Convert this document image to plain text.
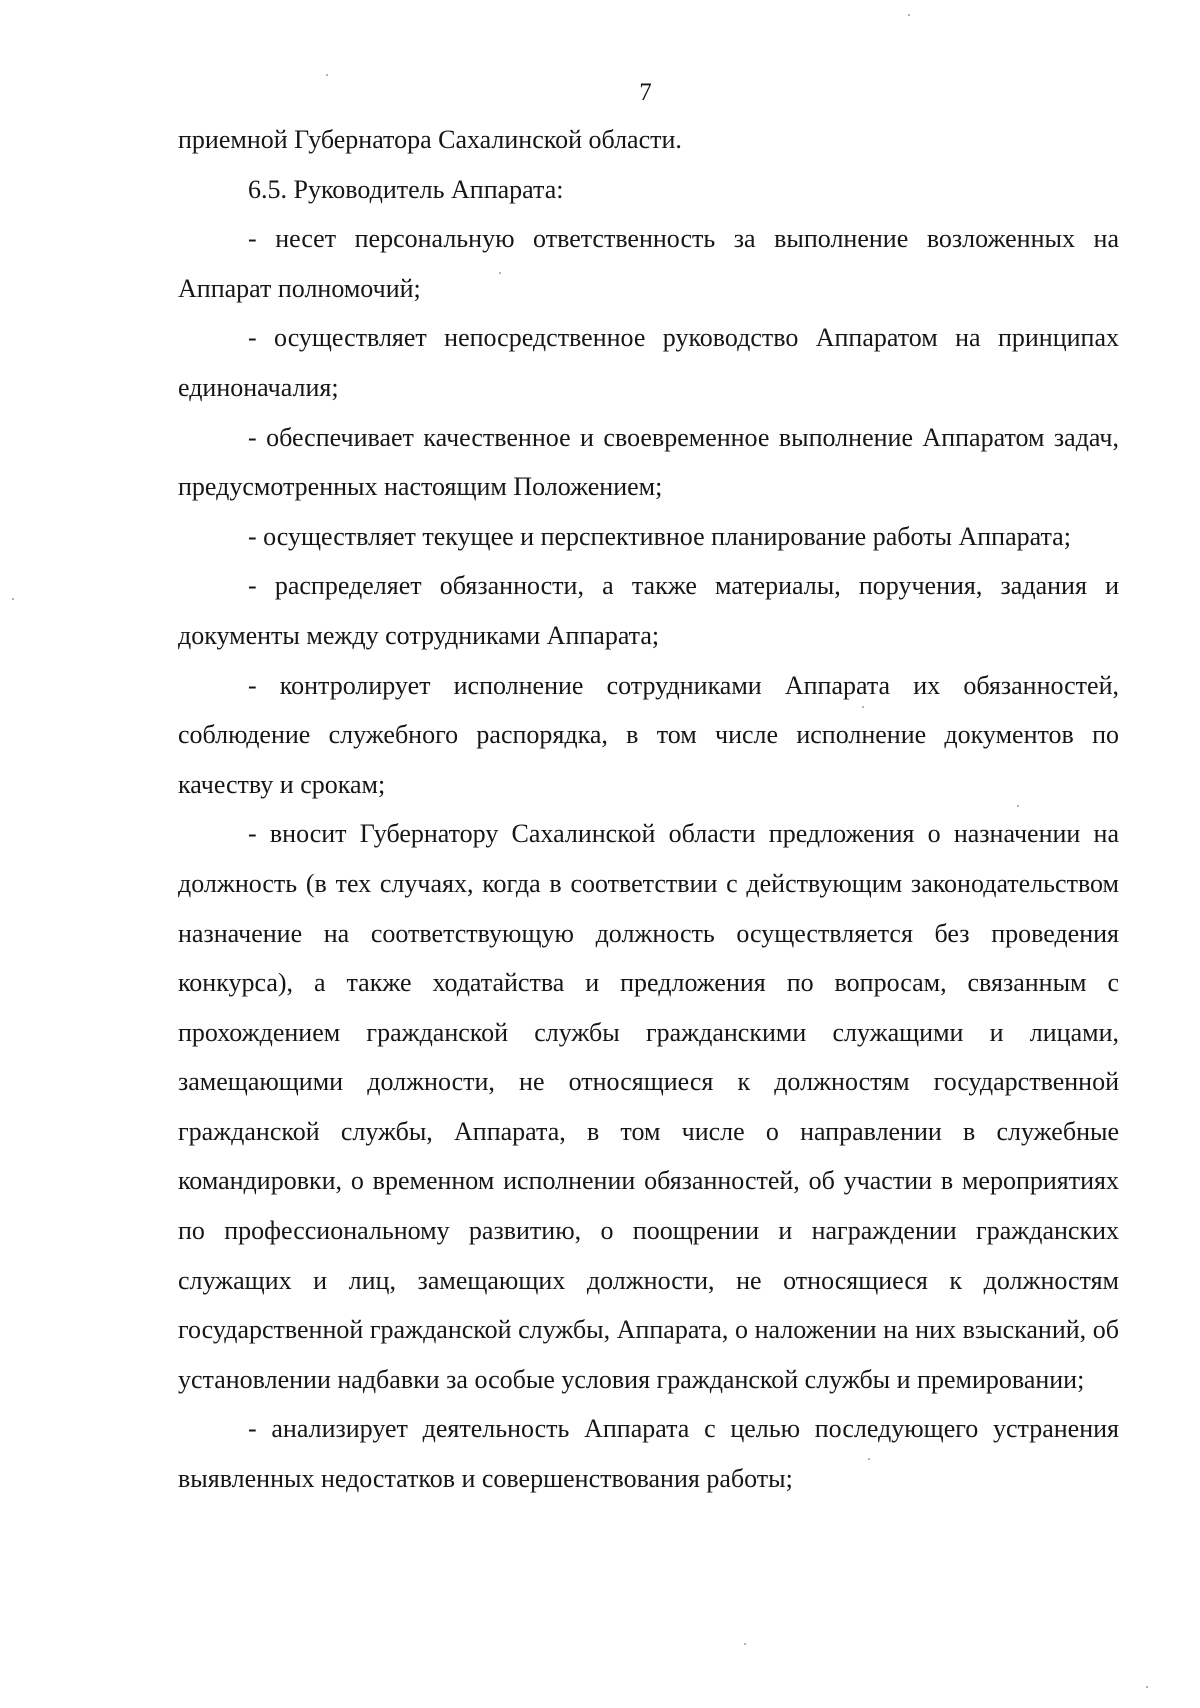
7

приемной Губернатора Сахалинской области.

6.5. Руководитель Аппарата:

- несет персональную ответственность за выполнение возложенных на Аппарат полномочий;

- осуществляет непосредственное руководство Аппаратом на принципах единоначалия;

- обеспечивает качественное и своевременное выполнение Аппаратом задач, предусмотренных настоящим Положением;

- осуществляет текущее и перспективное планирование работы Аппарата;

- распределяет обязанности, а также материалы, поручения, задания и документы между сотрудниками Аппарата;

- контролирует исполнение сотрудниками Аппарата их обязанностей, соблюдение служебного распорядка, в том числе исполнение документов по качеству и срокам;

- вносит Губернатору Сахалинской области предложения о назначении на должность (в тех случаях, когда в соответствии с действующим законодательством назначение на соответствующую должность осуществляется без проведения конкурса), а также ходатайства и предложения по вопросам, связанным с прохождением гражданской службы гражданскими служащими и лицами, замещающими должности, не относящиеся к должностям государственной гражданской службы, Аппарата, в том числе о направлении в служебные командировки, о временном исполнении обязанностей, об участии в мероприятиях по профессиональному развитию, о поощрении и награждении гражданских служащих и лиц, замещающих должности, не относящиеся к должностям государственной гражданской службы, Аппарата, о наложении на них взысканий, об установлении надбавки за особые условия гражданской службы и премировании;

- анализирует деятельность Аппарата с целью последующего устранения выявленных недостатков и совершенствования работы;
